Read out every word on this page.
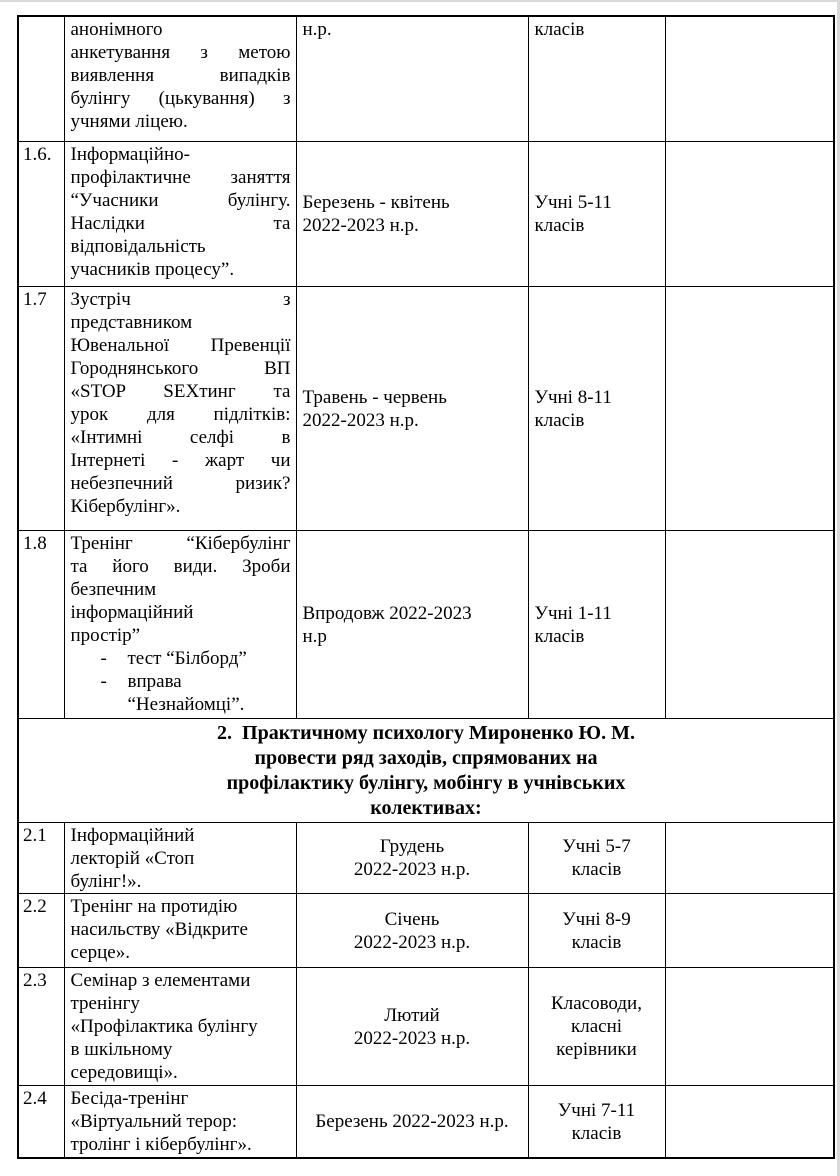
	анонімного
анкетування з метою
виявлення випадків
булінгу (цькування) з
учнями ліцею.	н.р.	класів	
1.6.	Інформаційно-
профілактичне заняття
“Учасники булінгу.
Наслідки та
відповідальність
учасників процесу”.
	Березень - квітень
2022-2023 н.р.	Учні 5-11
класів	
1.7	Зустріч з
представником
Ювенальної Превенції
Городнянського ВП
«STOP SEXтинг та
урок для підлітків:
«Інтимні селфі в
Інтернеті - жарт чи
небезпечний ризик?
Кібербулінг».
	Травень - червень
2022-2023 н.р.	Учні 8-11
класів	
1.8	Тренінг “Кібербулінг
та його види. Зроби
безпечним
інформаційний
простір”
-	тест “Білборд”
-	вправа
“Незнайомці”.
	Впродовж 2022-2023
н.р	Учні 1-11
класів	
2.  Практичному психологу Мироненко Ю. М.
провести ряд заходів, спрямованих на
профілактику булінгу, мобінгу в учнівських
колективах:				
2.1	Інформаційний
лекторій «Стоп
булінг!».	Грудень
2022-2023 н.р.	Учні 5-7
класів	
2.2	Тренінг на протидію
насильству «Відкрите
серце».	Січень
2022-2023 н.р.	Учні 8-9
класів	
2.3	Семінар з елементами
тренінгу
«Профілактика булінгу
в шкільному
середовищі».	Лютий
2022-2023 н.р.	Класоводи,
класні
керівники	
2.4	Бесіда-тренінг
«Віртуальний терор:
тролінг і кібербулінг».	Березень 2022-2023 н.р.	Учні 7-11
класів	
